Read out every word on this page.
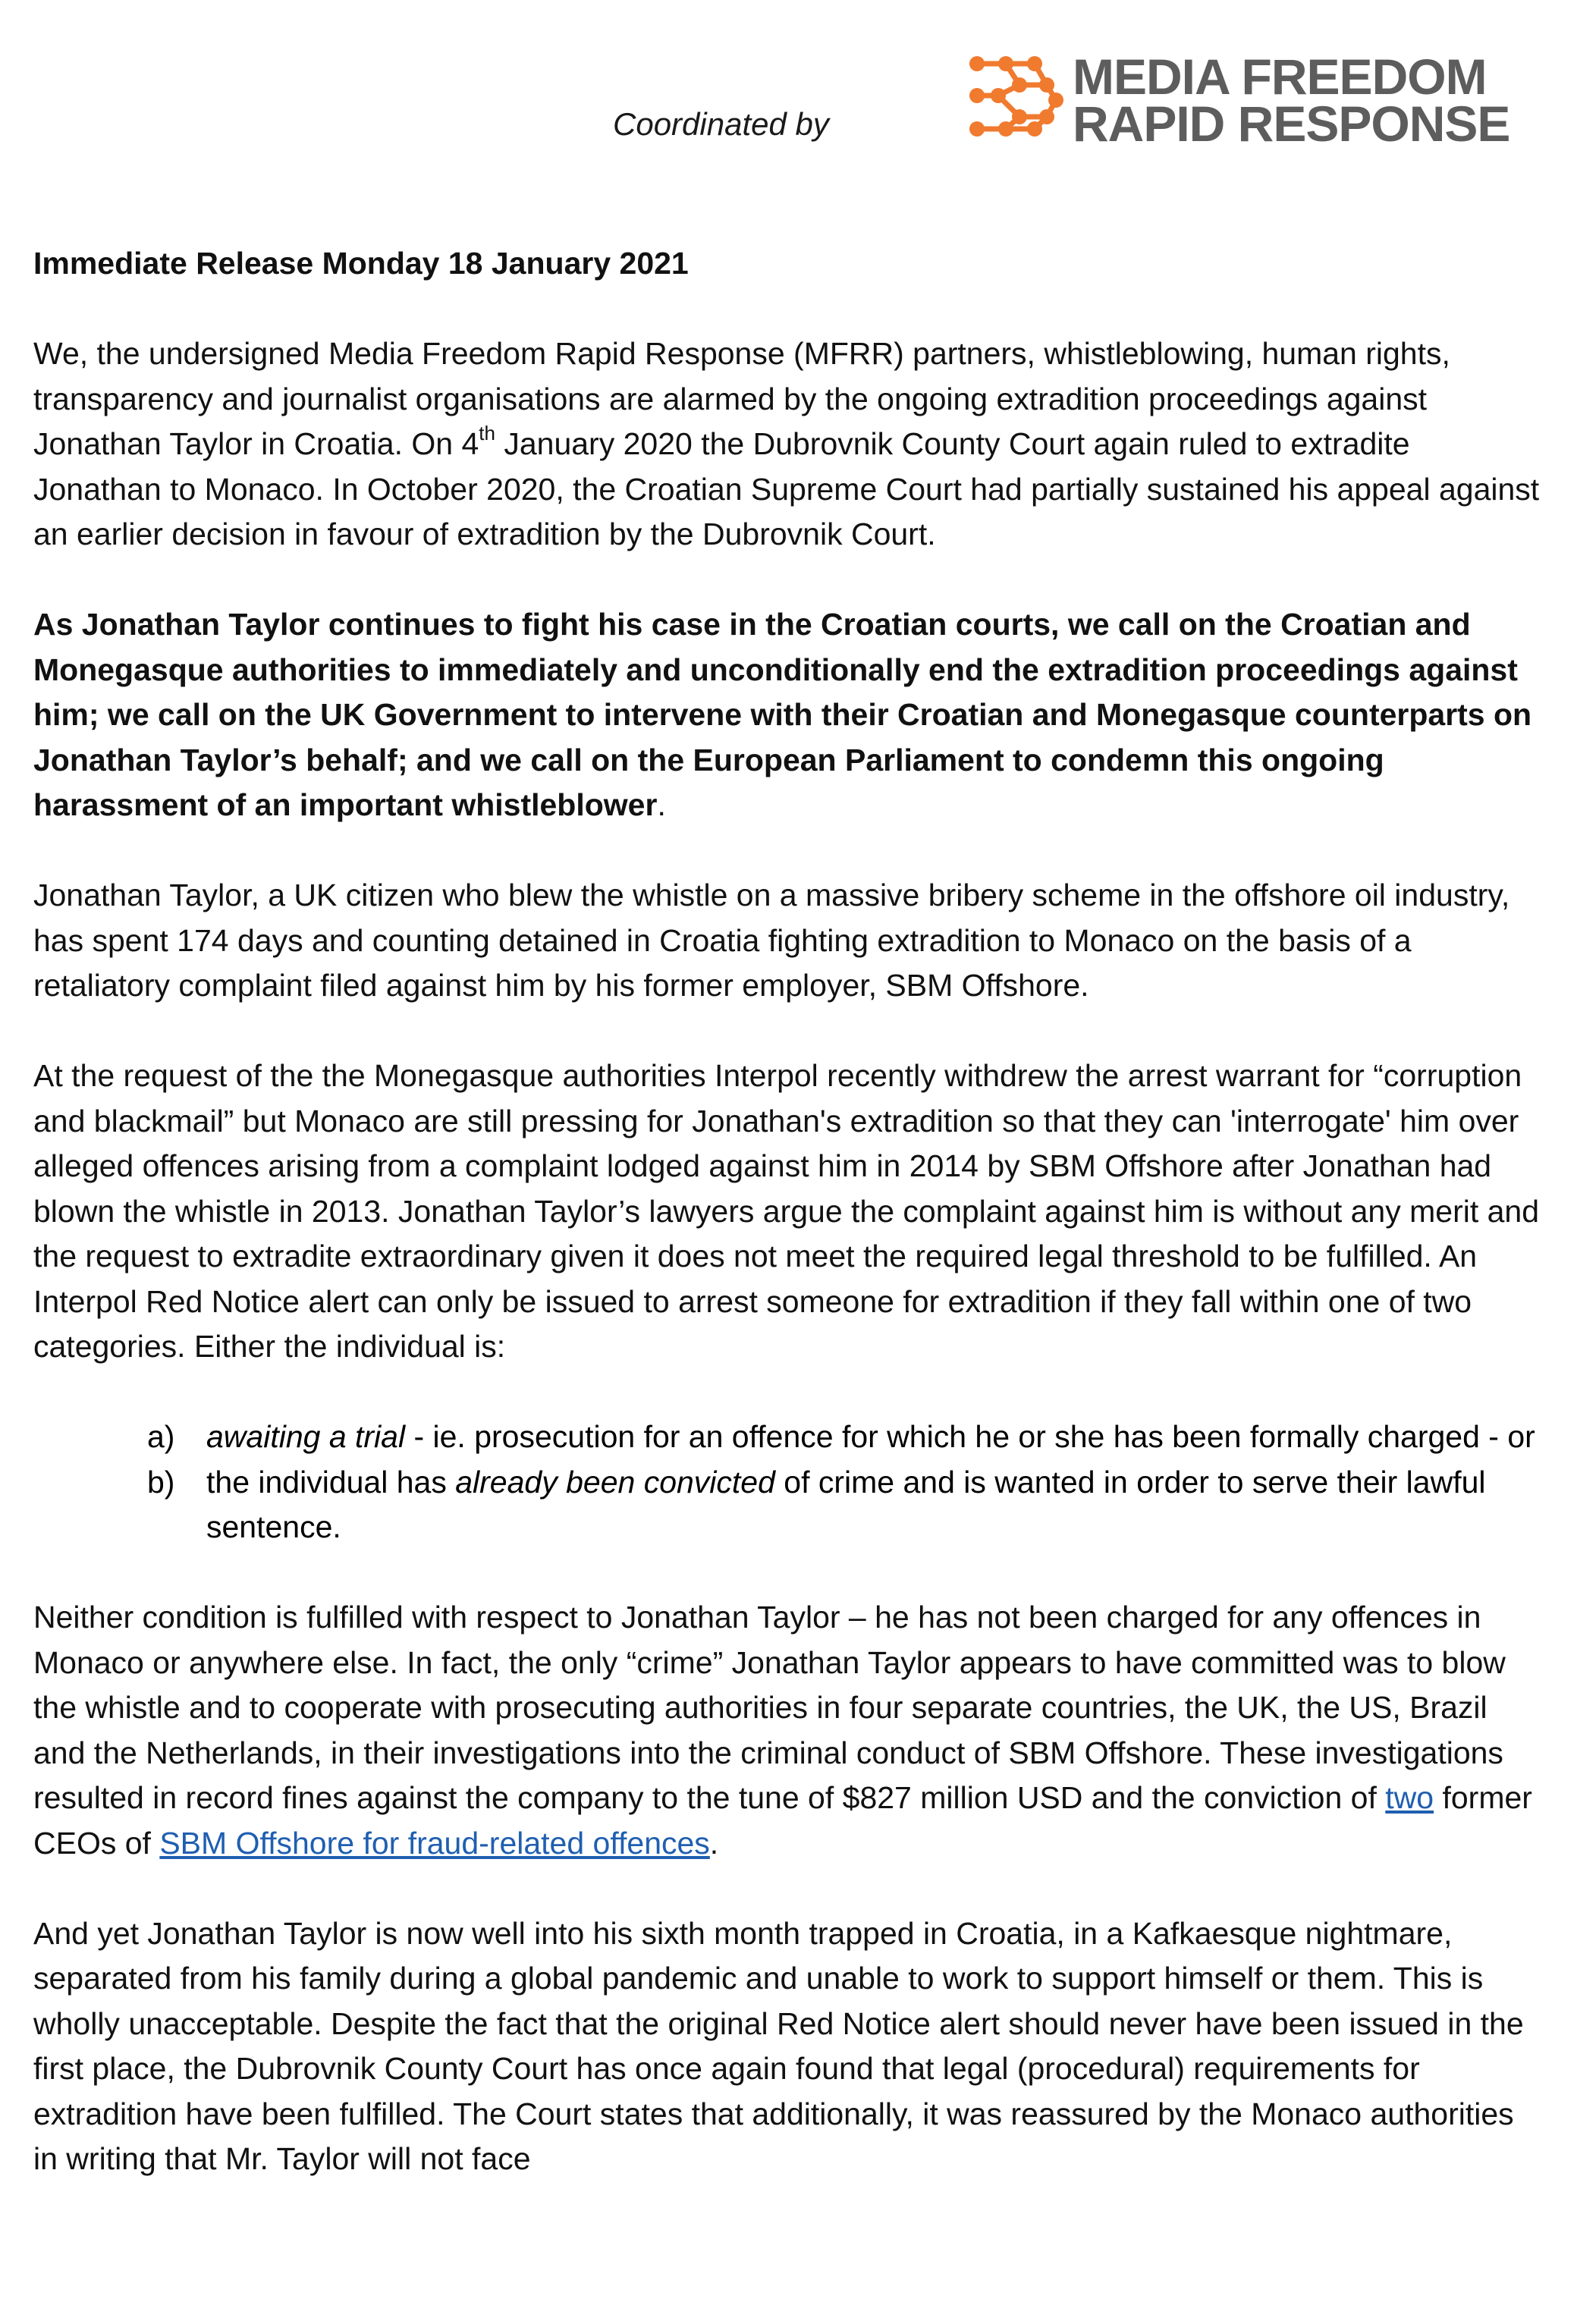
Coordinated by
MEDIA FREEDOM
RAPID RESPONSE

Immediate Release Monday 18 January 2021

We, the undersigned Media Freedom Rapid Response (MFRR) partners, whistleblowing, human rights, transparency and journalist organisations are alarmed by the ongoing extradition proceedings against Jonathan Taylor in Croatia. On 4th January 2020 the Dubrovnik County Court again ruled to extradite Jonathan to Monaco. In October 2020, the Croatian Supreme Court had partially sustained his appeal against an earlier decision in favour of extradition by the Dubrovnik Court.

As Jonathan Taylor continues to fight his case in the Croatian courts, we call on the Croatian and Monegasque authorities to immediately and unconditionally end the extradition proceedings against him; we call on the UK Government to intervene with their Croatian and Monegasque counterparts on Jonathan Taylor’s behalf; and we call on the European Parliament to condemn this ongoing harassment of an important whistleblower.

Jonathan Taylor, a UK citizen who blew the whistle on a massive bribery scheme in the offshore oil industry, has spent 174 days and counting detained in Croatia fighting extradition to Monaco on the basis of a retaliatory complaint filed against him by his former employer, SBM Offshore.

At the request of the the Monegasque authorities Interpol recently withdrew the arrest warrant for “corruption and blackmail” but Monaco are still pressing for Jonathan's extradition so that they can 'interrogate' him over alleged offences arising from a complaint lodged against him in 2014 by SBM Offshore after Jonathan had blown the whistle in 2013. Jonathan Taylor’s lawyers argue the complaint against him is without any merit and the request to extradite extraordinary given it does not meet the required legal threshold to be fulfilled. An Interpol Red Notice alert can only be issued to arrest someone for extradition if they fall within one of two categories. Either the individual is:

a) awaiting a trial - ie. prosecution for an offence for which he or she has been formally charged - or
b) the individual has already been convicted of crime and is wanted in order to serve their lawful sentence.

Neither condition is fulfilled with respect to Jonathan Taylor – he has not been charged for any offences in Monaco or anywhere else. In fact, the only “crime” Jonathan Taylor appears to have committed was to blow the whistle and to cooperate with prosecuting authorities in four separate countries, the UK, the US, Brazil and the Netherlands, in their investigations into the criminal conduct of SBM Offshore. These investigations resulted in record fines against the company to the tune of $827 million USD and the conviction of two former CEOs of SBM Offshore for fraud-related offences.

And yet Jonathan Taylor is now well into his sixth month trapped in Croatia, in a Kafkaesque nightmare, separated from his family during a global pandemic and unable to work to support himself or them. This is wholly unacceptable. Despite the fact that the original Red Notice alert should never have been issued in the first place, the Dubrovnik County Court has once again found that legal (procedural) requirements for extradition have been fulfilled. The Court states that additionally, it was reassured by the Monaco authorities in writing that Mr. Taylor will not face
